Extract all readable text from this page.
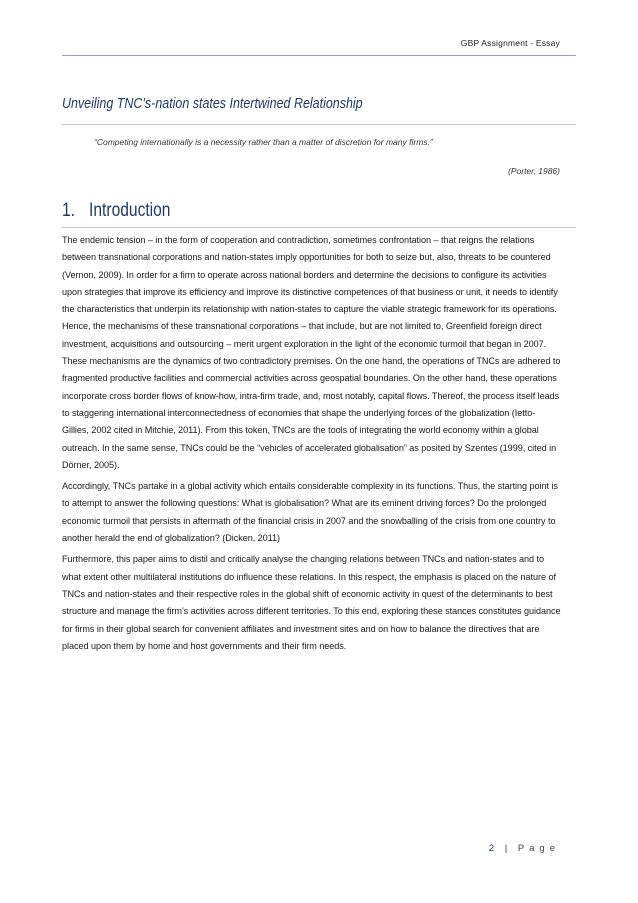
GBP Assignment - Essay
Unveiling TNC’s-nation states Intertwined Relationship
“Competing internationally is a necessity rather than a matter of discretion for many firms.”
(Porter, 1986)
1. Introduction

The endemic tension – in the form of cooperation and contradiction, sometimes confrontation – that reigns the relations between transnational corporations and nation-states imply opportunities for both to seize but, also, threats to be countered (Vernon, 2009). In order for a firm to operate across national borders and determine the decisions to configure its activities upon strategies that improve its efficiency and improve its distinctive competences of that business or unit, it needs to identify the characteristics that underpin its relationship with nation-states to capture the viable strategic framework for its operations. Hence, the mechanisms of these transnational corporations – that include, but are not limited to, Greenfield foreign direct investment, acquisitions and outsourcing – merit urgent exploration in the light of the economic turmoil that began in 2007. These mechanisms are the dynamics of two contradictory premises. On the one hand, the operations of TNCs are adhered to fragmented productive facilities and commercial activities across geospatial boundaries. On the other hand, these operations incorporate cross border flows of know-how, intra-firm trade, and, most notably, capital flows. Thereof, the process itself leads to staggering international interconnectedness of economies that shape the underlying forces of the globalization (Ietto-Gillies, 2002 cited in Mitchie, 2011). From this token, TNCs are the tools of integrating the world economy within a global outreach. In the same sense, TNCs could be the “vehicles of accelerated globalisation” as posited by Szentes (1999, cited in Dörner, 2005).

Accordingly, TNCs partake in a global activity which entails considerable complexity in its functions. Thus, the starting point is to attempt to answer the following questions: What is globalisation? What are its eminent driving forces? Do the prolonged economic turmoil that persists in aftermath of the financial crisis in 2007 and the snowballing of the crisis from one country to another herald the end of globalization? (Dicken, 2011)

Furthermore, this paper aims to distil and critically analyse the changing relations between TNCs and nation-states and to what extent other multilateral institutions do influence these relations. In this respect, the emphasis is placed on the nature of TNCs and nation-states and their respective roles in the global shift of economic activity in quest of the determinants to best structure and manage the firm’s activities across different territories. To this end, exploring these stances constitutes guidance for firms in their global search for convenient affiliates and investment sites and on how to balance the directives that are placed upon them by home and host governments and their firm needs.

2 | Page
